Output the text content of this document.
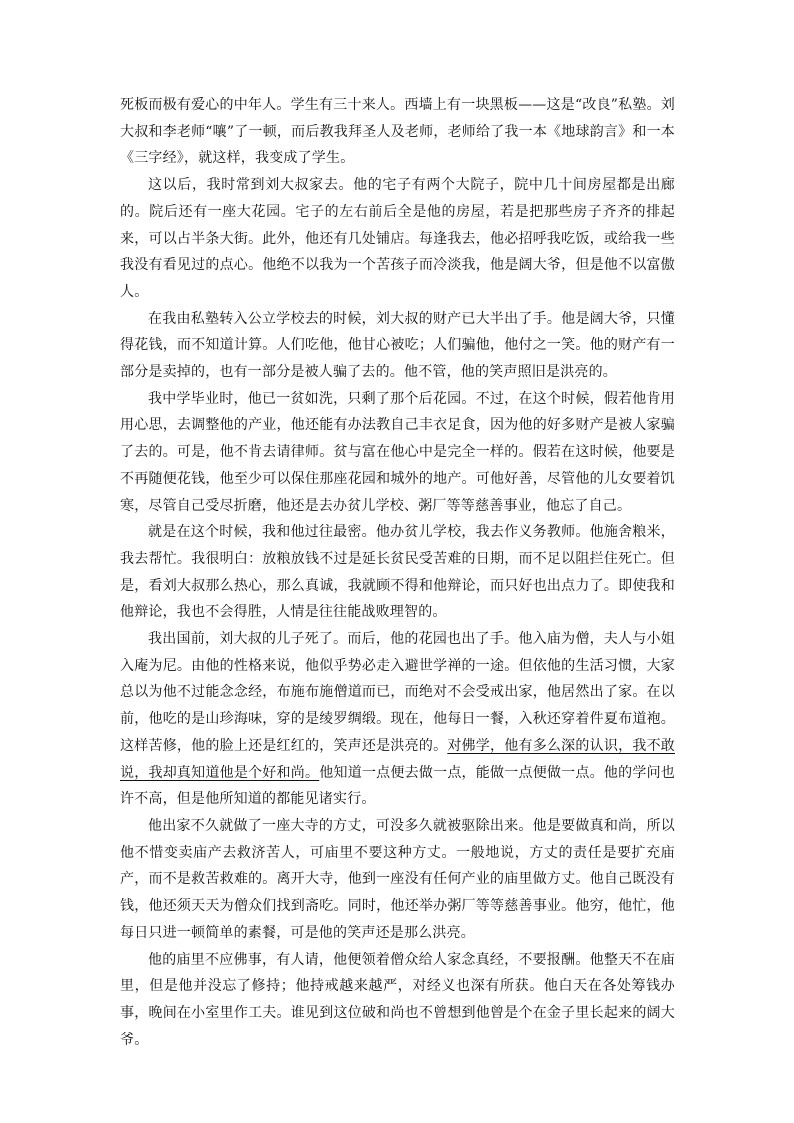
死板而极有爱心的中年人。学生有三十来人。西墙上有一块黑板——这是“改良”私塾。刘大叔和李老师“嚷”了一顿，而后教我拜圣人及老师，老师给了我一本《地球韵言》和一本《三字经》，就这样，我变成了学生。

这以后，我时常到刘大叔家去。他的宅子有两个大院子，院中几十间房屋都是出廊的。院后还有一座大花园。宅子的左右前后全是他的房屋，若是把那些房子齐齐的排起来，可以占半条大街。此外，他还有几处铺店。每逢我去，他必招呼我吃饭，或给我一些我没有看见过的点心。他绝不以我为一个苦孩子而冷淡我，他是阔大爷，但是他不以富傲人。

在我由私塾转入公立学校去的时候，刘大叔的财产已大半出了手。他是阔大爷，只懂得花钱，而不知道计算。人们吃他，他甘心被吃；人们骗他，他付之一笑。他的财产有一部分是卖掉的，也有一部分是被人骗了去的。他不管，他的笑声照旧是洪亮的。

我中学毕业时，他已一贫如洗，只剩了那个后花园。不过，在这个时候，假若他肯用用心思，去调整他的产业，他还能有办法教自己丰衣足食，因为他的好多财产是被人家骗了去的。可是，他不肯去请律师。贫与富在他心中是完全一样的。假若在这时候，他要是不再随便花钱，他至少可以保住那座花园和城外的地产。可他好善，尽管他的儿女要着饥寒，尽管自己受尽折磨，他还是去办贫儿学校、粥厂等等慈善事业，他忘了自己。

就是在这个时候，我和他过往最密。他办贫儿学校，我去作义务教师。他施舍粮米，我去帮忙。我很明白：放粮放钱不过是延长贫民受苦难的日期，而不足以阻拦住死亡。但是，看刘大叔那么热心，那么真诚，我就顾不得和他辩论，而只好也出点力了。即使我和他辩论，我也不会得胜，人情是往往能战败理智的。

我出国前，刘大叔的儿子死了。而后，他的花园也出了手。他入庙为僧，夫人与小姐入庵为尼。由他的性格来说，他似乎势必走入避世学禅的一途。但依他的生活习惯，大家总以为他不过能念念经，布施布施僧道而已，而绝对不会受戒出家，他居然出了家。在以前，他吃的是山珍海味，穿的是绫罗绸缎。现在，他每日一餐，入秋还穿着件夏布道袍。这样苦修，他的脸上还是红红的，笑声还是洪亮的。对佛学，他有多么深的认识，我不敢说，我却真知道他是个好和尚。他知道一点便去做一点，能做一点便做一点。他的学问也许不高，但是他所知道的都能见诸实行。

他出家不久就做了一座大寺的方丈，可没多久就被驱除出来。他是要做真和尚，所以他不惜变卖庙产去救济苦人，可庙里不要这种方丈。一般地说，方丈的责任是要扩充庙产，而不是救苦救难的。离开大寺，他到一座没有任何产业的庙里做方丈。他自己既没有钱，他还须天天为僧众们找到斋吃。同时，他还举办粥厂等等慈善事业。他穷，他忙，他每日只进一顿简单的素餐，可是他的笑声还是那么洪亮。

他的庙里不应佛事，有人请，他便领着僧众给人家念真经，不要报酬。他整天不在庙里，但是他并没忘了修持；他持戒越来越严，对经义也深有所获。他白天在各处筹钱办事，晚间在小室里作工夫。谁见到这位破和尚也不曾想到他曾是个在金子里长起来的阔大爷。
